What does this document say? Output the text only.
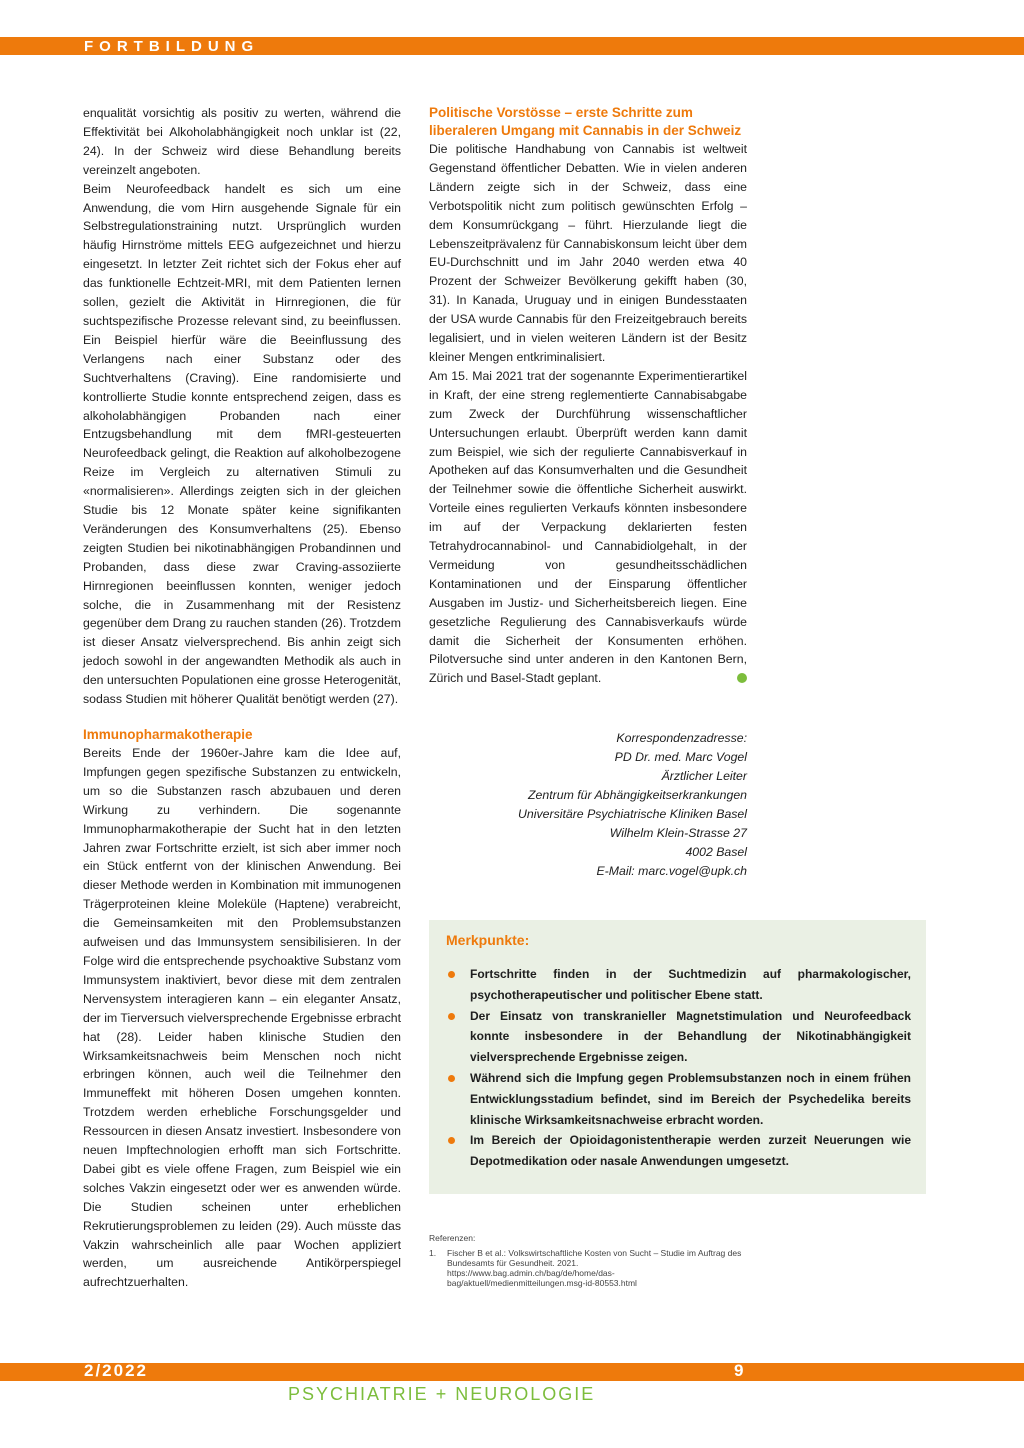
FORTBILDUNG

enqualität vorsichtig als positiv zu werten, während die Effektivität bei Alkoholabhängigkeit noch unklar ist (22, 24). In der Schweiz wird diese Behandlung bereits vereinzelt angeboten.

Beim Neurofeedback handelt es sich um eine Anwendung, die vom Hirn ausgehende Signale für ein Selbstregulationstraining nutzt. Ursprünglich wurden häufig Hirnströme mittels EEG aufgezeichnet und hierzu eingesetzt. In letzter Zeit richtet sich der Fokus eher auf das funktionelle Echtzeit-MRI, mit dem Patienten lernen sollen, gezielt die Aktivität in Hirnregionen, die für suchtspezifische Prozesse relevant sind, zu beeinflussen. Ein Beispiel hierfür wäre die Beeinflussung des Verlangens nach einer Substanz oder des Suchtverhaltens (Craving). Eine randomisierte und kontrollierte Studie konnte entsprechend zeigen, dass es alkoholabhängigen Probanden nach einer Entzugsbehandlung mit dem fMRI-gesteuerten Neurofeedback gelingt, die Reaktion auf alkoholbezogene Reize im Vergleich zu alternativen Stimuli zu «normalisieren». Allerdings zeigten sich in der gleichen Studie bis 12 Monate später keine signifikanten Veränderungen des Konsumverhaltens (25). Ebenso zeigten Studien bei nikotinabhängigen Probandinnen und Probanden, dass diese zwar Craving-assoziierte Hirnregionen beeinflussen konnten, weniger jedoch solche, die in Zusammenhang mit der Resistenz gegenüber dem Drang zu rauchen standen (26). Trotzdem ist dieser Ansatz vielversprechend. Bis anhin zeigt sich jedoch sowohl in der angewandten Methodik als auch in den untersuchten Populationen eine grosse Heterogenität, sodass Studien mit höherer Qualität benötigt werden (27).

Immunopharmakotherapie

Bereits Ende der 1960er-Jahre kam die Idee auf, Impfungen gegen spezifische Substanzen zu entwickeln, um so die Substanzen rasch abzubauen und deren Wirkung zu verhindern. Die sogenannte Immunopharmakotherapie der Sucht hat in den letzten Jahren zwar Fortschritte erzielt, ist sich aber immer noch ein Stück entfernt von der klinischen Anwendung. Bei dieser Methode werden in Kombination mit immunogenen Trägerproteinen kleine Moleküle (Haptene) verabreicht, die Gemeinsamkeiten mit den Problemsubstanzen aufweisen und das Immunsystem sensibilisieren. In der Folge wird die entsprechende psychoaktive Substanz vom Immunsystem inaktiviert, bevor diese mit dem zentralen Nervensystem interagieren kann – ein eleganter Ansatz, der im Tierversuch vielversprechende Ergebnisse erbracht hat (28). Leider haben klinische Studien den Wirksamkeitsnachweis beim Menschen noch nicht erbringen können, auch weil die Teilnehmer den Immuneffekt mit höheren Dosen umgehen konnten. Trotzdem werden erhebliche Forschungsgelder und Ressourcen in diesen Ansatz investiert. Insbesondere von neuen Impftechnologien erhofft man sich Fortschritte. Dabei gibt es viele offene Fragen, zum Beispiel wie ein solches Vakzin eingesetzt oder wer es anwenden würde. Die Studien scheinen unter erheblichen Rekrutierungsproblemen zu leiden (29). Auch müsste das Vakzin wahrscheinlich alle paar Wochen appliziert werden, um ausreichende Antikörperspiegel aufrechtzuerhalten.

Politische Vorstösse – erste Schritte zum liberaleren Umgang mit Cannabis in der Schweiz

Die politische Handhabung von Cannabis ist weltweit Gegenstand öffentlicher Debatten. Wie in vielen anderen Ländern zeigte sich in der Schweiz, dass eine Verbotspolitik nicht zum politisch gewünschten Erfolg – dem Konsumrückgang – führt. Hierzulande liegt die Lebenszeitprävalenz für Cannabiskonsum leicht über dem EU-Durchschnitt und im Jahr 2040 werden etwa 40 Prozent der Schweizer Bevölkerung gekifft haben (30, 31). In Kanada, Uruguay und in einigen Bundesstaaten der USA wurde Cannabis für den Freizeitgebrauch bereits legalisiert, und in vielen weiteren Ländern ist der Besitz kleiner Mengen entkriminalisiert.

Am 15. Mai 2021 trat der sogenannte Experimentierartikel in Kraft, der eine streng reglementierte Cannabisabgabe zum Zweck der Durchführung wissenschaftlicher Untersuchungen erlaubt. Überprüft werden kann damit zum Beispiel, wie sich der regulierte Cannabisverkauf in Apotheken auf das Konsumverhalten und die Gesundheit der Teilnehmer sowie die öffentliche Sicherheit auswirkt. Vorteile eines regulierten Verkaufs könnten insbesondere im auf der Verpackung deklarierten festen Tetrahydrocannabinol- und Cannabidiolgehalt, in der Vermeidung von gesundheitsschädlichen Kontaminationen und der Einsparung öffentlicher Ausgaben im Justiz- und Sicherheitsbereich liegen. Eine gesetzliche Regulierung des Cannabisverkaufs würde damit die Sicherheit der Konsumenten erhöhen. Pilotversuche sind unter anderen in den Kantonen Bern, Zürich und Basel-Stadt geplant.

Korrespondenzadresse:
PD Dr. med. Marc Vogel
Ärztlicher Leiter
Zentrum für Abhängigkeitserkrankungen
Universitäre Psychiatrische Kliniken Basel
Wilhelm Klein-Strasse 27
4002 Basel
E-Mail: marc.vogel@upk.ch
Merkpunkte:
Fortschritte finden in der Suchtmedizin auf pharmakologischer, psychotherapeutischer und politischer Ebene statt.
Der Einsatz von transkranieller Magnetstimulation und Neurofeedback konnte insbesondere in der Behandlung der Nikotinabhängigkeit vielversprechende Ergebnisse zeigen.
Während sich die Impfung gegen Problemsubstanzen noch in einem frühen Entwicklungsstadium befindet, sind im Bereich der Psychedelika bereits klinische Wirksamkeitsnachweise erbracht worden.
Im Bereich der Opioidagonistentherapie werden zurzeit Neuerungen wie Depotmedikation oder nasale Anwendungen umgesetzt.
Referenzen:
1. Fischer B et al.: Volkswirtschaftliche Kosten von Sucht – Studie im Auftrag des Bundesamts für Gesundheit. 2021. https://www.bag.admin.ch/bag/de/home/das-bag/aktuell/medienmitteilungen.msg-id-80553.html
2/2022	9
PSYCHIATRIE + NEUROLOGIE
